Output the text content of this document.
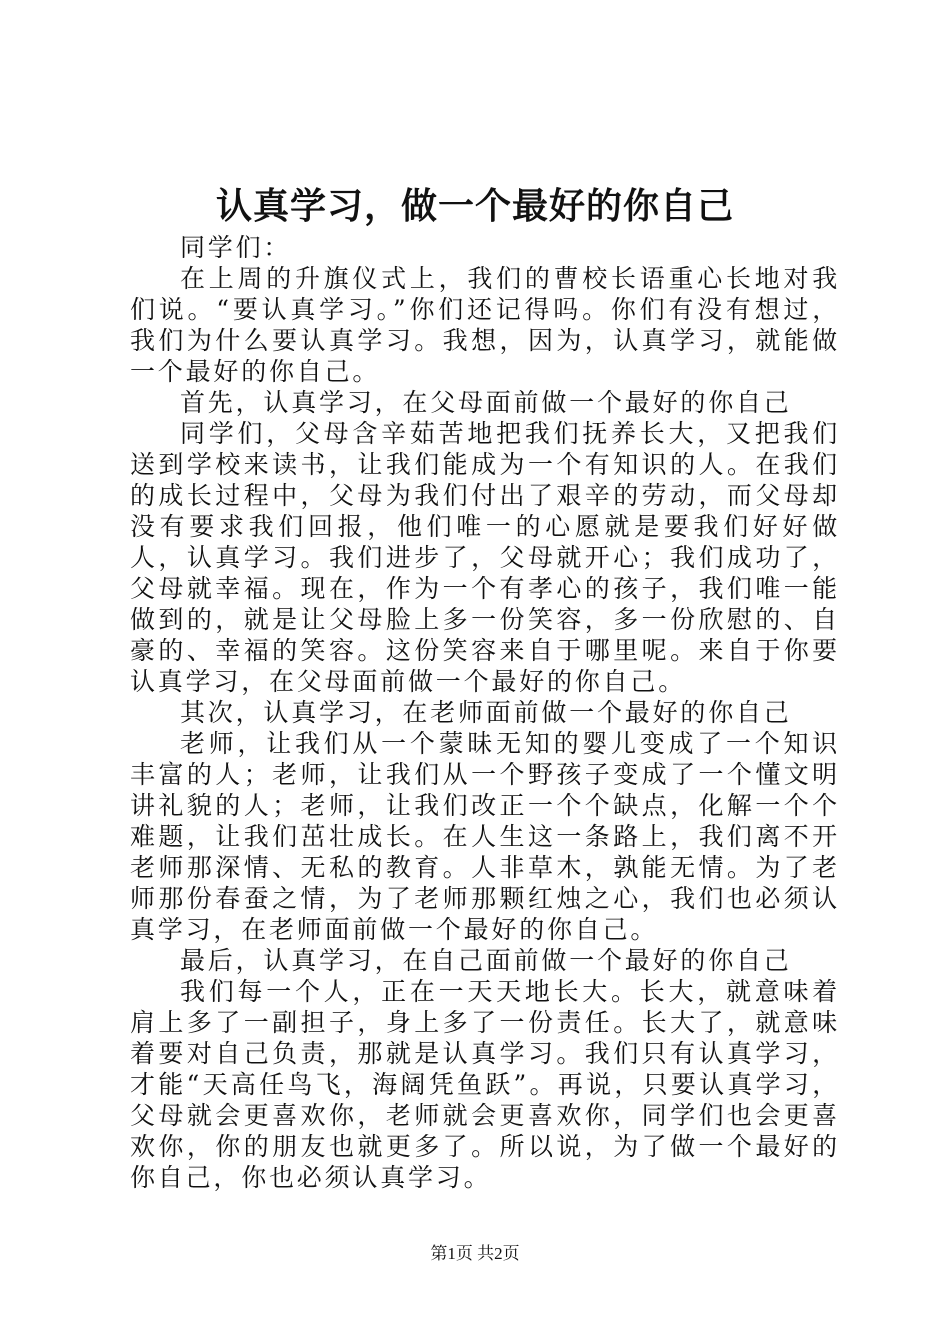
认真学习，做一个最好的你自己

同学们：

在上周的升旗仪式上，我们的曹校长语重心长地对我们说。“要认真学习。”你们还记得吗。你们有没有想过，我们为什么要认真学习。我想，因为，认真学习，就能做一个最好的你自己。

首先，认真学习，在父母面前做一个最好的你自己

同学们，父母含辛茹苦地把我们抚养长大，又把我们送到学校来读书，让我们能成为一个有知识的人。在我们的成长过程中，父母为我们付出了艰辛的劳动，而父母却没有要求我们回报，他们唯一的心愿就是要我们好好做人，认真学习。我们进步了，父母就开心；我们成功了，父母就幸福。现在，作为一个有孝心的孩子，我们唯一能做到的，就是让父母脸上多一份笑容，多一份欣慰的、自豪的、幸福的笑容。这份笑容来自于哪里呢。来自于你要认真学习，在父母面前做一个最好的你自己。

其次，认真学习，在老师面前做一个最好的你自己

老师，让我们从一个蒙昧无知的婴儿变成了一个知识丰富的人；老师，让我们从一个野孩子变成了一个懂文明讲礼貌的人；老师，让我们改正一个个缺点，化解一个个难题，让我们茁壮成长。在人生这一条路上，我们离不开老师那深情、无私的教育。人非草木，孰能无情。为了老师那份春蚕之情，为了老师那颗红烛之心，我们也必须认真学习，在老师面前做一个最好的你自己。

最后，认真学习，在自己面前做一个最好的你自己

我们每一个人，正在一天天地长大。长大，就意味着肩上多了一副担子，身上多了一份责任。长大了，就意味着要对自己负责，那就是认真学习。我们只有认真学习，才能“天高任鸟飞，海阔凭鱼跃”。再说，只要认真学习，父母就会更喜欢你，老师就会更喜欢你，同学们也会更喜欢你，你的朋友也就更多了。所以说，为了做一个最好的你自己，你也必须认真学习。

第1页 共2页
